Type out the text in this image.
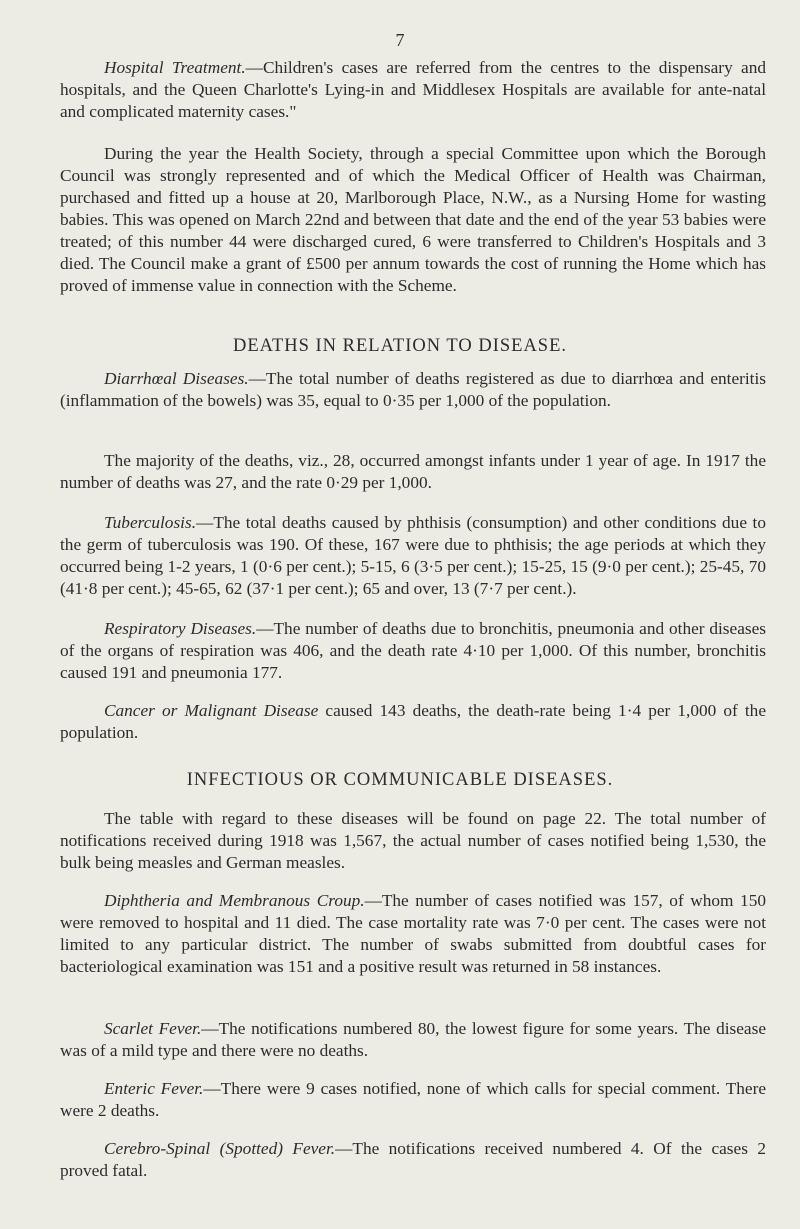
7

Hospital Treatment.—Children's cases are referred from the centres to the dispensary and hospitals, and the Queen Charlotte's Lying-in and Middlesex Hospitals are available for ante-natal and complicated maternity cases."

During the year the Health Society, through a special Committee upon which the Borough Council was strongly represented and of which the Medical Officer of Health was Chairman, purchased and fitted up a house at 20, Marlborough Place, N.W., as a Nursing Home for wasting babies. This was opened on March 22nd and between that date and the end of the year 53 babies were treated; of this number 44 were discharged cured, 6 were transferred to Children's Hospitals and 3 died. The Council make a grant of £500 per annum towards the cost of running the Home which has proved of immense value in connection with the Scheme.

DEATHS IN RELATION TO DISEASE.

Diarrhœal Diseases.—The total number of deaths registered as due to diarrhœa and enteritis (inflammation of the bowels) was 35, equal to 0·35 per 1,000 of the population.

The majority of the deaths, viz., 28, occurred amongst infants under 1 year of age. In 1917 the number of deaths was 27, and the rate 0·29 per 1,000.

Tuberculosis.—The total deaths caused by phthisis (consumption) and other conditions due to the germ of tuberculosis was 190. Of these, 167 were due to phthisis; the age periods at which they occurred being 1-2 years, 1 (0·6 per cent.); 5-15, 6 (3·5 per cent.); 15-25, 15 (9·0 per cent.); 25-45, 70 (41·8 per cent.); 45-65, 62 (37·1 per cent.); 65 and over, 13 (7·7 per cent.).

Respiratory Diseases.—The number of deaths due to bronchitis, pneumonia and other diseases of the organs of respiration was 406, and the death rate 4·10 per 1,000. Of this number, bronchitis caused 191 and pneumonia 177.

Cancer or Malignant Disease caused 143 deaths, the death-rate being 1·4 per 1,000 of the population.

INFECTIOUS OR COMMUNICABLE DISEASES.

The table with regard to these diseases will be found on page 22. The total number of notifications received during 1918 was 1,567, the actual number of cases notified being 1,530, the bulk being measles and German measles.

Diphtheria and Membranous Croup.—The number of cases notified was 157, of whom 150 were removed to hospital and 11 died. The case mortality rate was 7·0 per cent. The cases were not limited to any particular district. The number of swabs submitted from doubtful cases for bacteriological examination was 151 and a positive result was returned in 58 instances.

Scarlet Fever.—The notifications numbered 80, the lowest figure for some years. The disease was of a mild type and there were no deaths.

Enteric Fever.—There were 9 cases notified, none of which calls for special comment. There were 2 deaths.

Cerebro-Spinal (Spotted) Fever.—The notifications received numbered 4. Of the cases 2 proved fatal.
